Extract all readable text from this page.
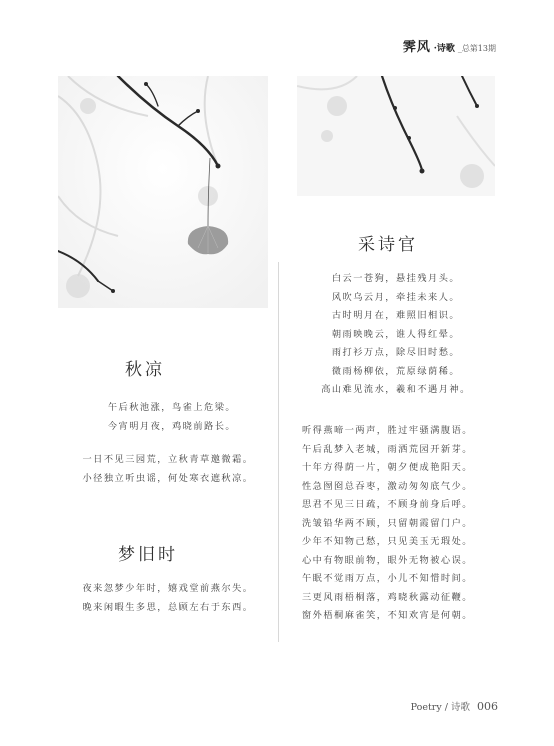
霁风 ·诗歌 _总第13期
秋凉
午后秋池涨，鸟雀上危梁。
今宵明月夜，鸡晓前路长。
一日不见三园荒，立秋青草邀微霜。
小径独立听虫谣，何处寒衣遮秋凉。
梦旧时
夜来忽梦少年时，嬉戏堂前燕尔失。
晚来闲暇生多思，总顾左右于东西。
采诗官
白云一苍狗，悬挂残月头。
风吹乌云月，牵挂未来人。
古时明月在，难照旧相识。
朝雨映晚云，谁人得红晕。
雨打衫万点，除尽旧时愁。
微雨杨柳依，荒原绿荫稀。
高山难见流水，羲和不遇月神。
听得燕啼一两声，胜过牢骚满腹语。
午后乱梦入老城，雨洒荒园开新芽。
十年方得荫一片，朝夕便成艳阳天。
性急囫囵总吞枣，激动匆匆底气少。
思君不见三日疏，不顾身前身后呼。
洗皱铅华两不顾，只留朝霞留门户。
少年不知物己愁，只见美玉无瑕处。
心中有物眼前物，眼外无物被心误。
午眠不觉雨万点，小儿不知惜时间。
三更风雨梧桐落，鸡晓秋露动征鞭。
窗外梧桐麻雀笑，不知欢宵是何朝。
Poetry / 诗歌 006
